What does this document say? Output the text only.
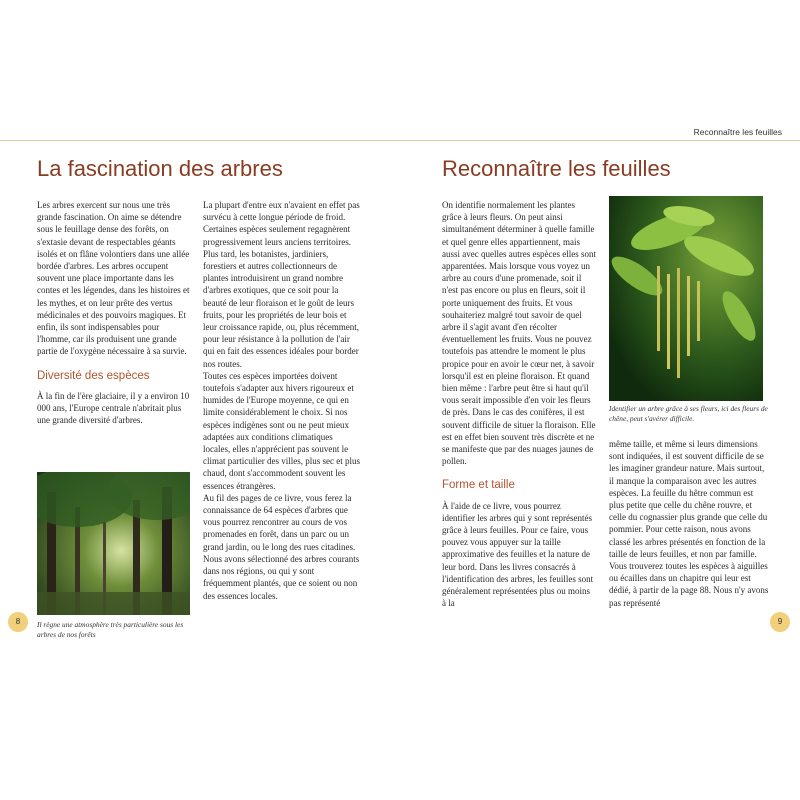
Reconnaître les feuilles
La fascination des arbres

Les arbres exercent sur nous une très grande fascination. On aime se détendre sous le feuillage dense des forêts, on s'extasie devant de respectables géants isolés et on flâne volontiers dans une allée bordée d'arbres. Les arbres occupent souvent une place importante dans les contes et les légendes, dans les histoires et les mythes, et on leur prête des vertus médicinales et des pouvoirs magiques. Et enfin, ils sont indispensables pour l'homme, car ils produisent une grande partie de l'oxygène nécessaire à sa survie.

Diversité des espèces

À la fin de l'ère glaciaire, il y a environ 10 000 ans, l'Europe centrale n'abritait plus une grande diversité d'arbres.

Il règne une atmosphère très particulière sous les arbres de nos forêts

La plupart d'entre eux n'avaient en effet pas survécu à cette longue période de froid. Certaines espèces seulement regagnèrent progressivement leurs anciens territoires. Plus tard, les botanistes, jardiniers, forestiers et autres collectionneurs de plantes introduisirent un grand nombre d'arbres exotiques, que ce soit pour la beauté de leur floraison et le goût de leurs fruits, pour les propriétés de leur bois et leur croissance rapide, ou, plus récemment, pour leur résistance à la pollution de l'air qui en fait des essences idéales pour border nos routes.

Toutes ces espèces importées doivent toutefois s'adapter aux hivers rigoureux et humides de l'Europe moyenne, ce qui en limite considérablement le choix. Si nos espèces indigènes sont ou ne peut mieux adaptées aux conditions climatiques locales, elles n'apprécient pas souvent le climat particulier des villes, plus sec et plus chaud, dont s'accommodent souvent les essences étrangères.

Au fil des pages de ce livre, vous ferez la connaissance de 64 espèces d'arbres que vous pourrez rencontrer au cours de vos promenades en forêt, dans un parc ou un grand jardin, ou le long des rues citadines. Nous avons sélectionné des arbres courants dans nos régions, ou qui y sont fréquemment plantés, que ce soient ou non des essences locales.

8
Reconnaître les feuilles

On identifie normalement les plantes grâce à leurs fleurs. On peut ainsi simultanément déterminer à quelle famille et quel genre elles appartiennent, mais aussi avec quelles autres espèces elles sont apparentées. Mais lorsque vous voyez un arbre au cours d'une promenade, soit il n'est pas encore ou plus en fleurs, soit il porte uniquement des fruits. Et vous souhaiteriez malgré tout savoir de quel arbre il s'agit avant d'en récolter éventuellement les fruits. Vous ne pouvez toutefois pas attendre le moment le plus propice pour en avoir le cœur net, à savoir lorsqu'il est en pleine floraison. Et quand bien même : l'arbre peut être si haut qu'il vous serait impossible d'en voir les fleurs de près. Dans le cas des conifères, il est souvent difficile de situer la floraison. Elle est en effet bien souvent très discrète et ne se manifeste que par des nuages jaunes de pollen.

Forme et taille

À l'aide de ce livre, vous pourrez identifier les arbres qui y sont représentés grâce à leurs feuilles. Pour ce faire, vous pouvez vous appuyer sur la taille approximative des feuilles et la nature de leur bord. Dans les livres consacrés à l'identification des arbres, les feuilles sont généralement représentées plus ou moins à la

Identifier un arbre grâce à ses fleurs, ici des fleurs de chêne, peut s'avérer difficile.

même taille, et même si leurs dimensions sont indiquées, il est souvent difficile de se les imaginer grandeur nature. Mais surtout, il manque la comparaison avec les autres espèces. La feuille du hêtre commun est plus petite que celle du chêne rouvre, et celle du cognassier plus grande que celle du pommier. Pour cette raison, nous avons classé les arbres présentés en fonction de la taille de leurs feuilles, et non par famille. Vous trouverez toutes les espèces à aiguilles ou écailles dans un chapitre qui leur est dédié, à partir de la page 88. Nous n'y avons pas représenté

9
